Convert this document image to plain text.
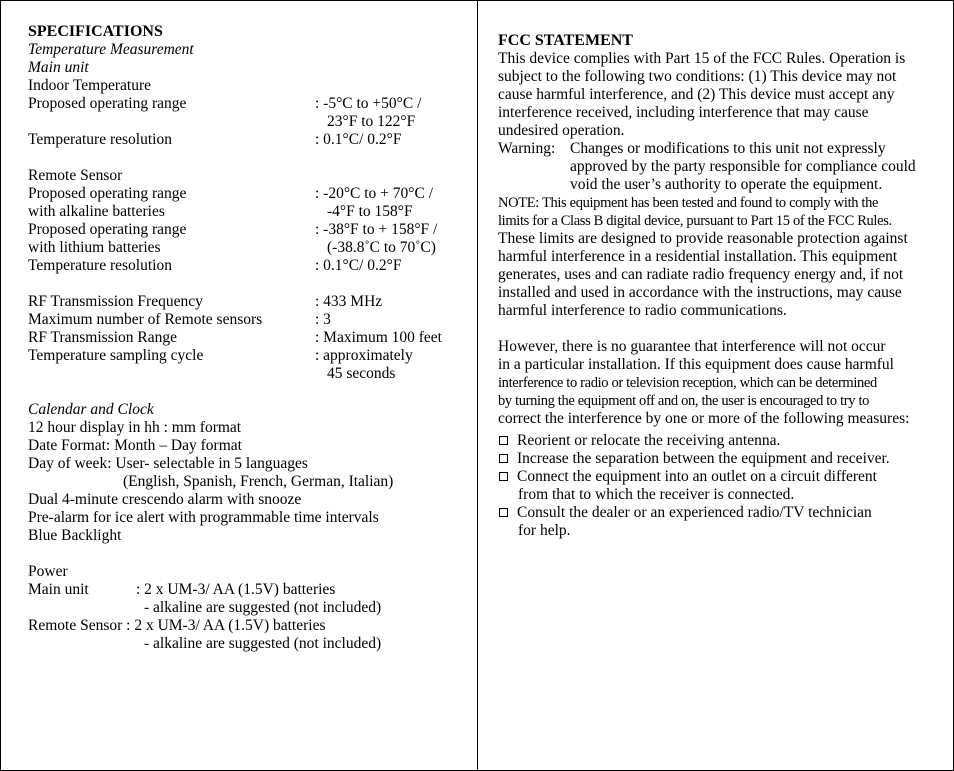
SPECIFICATIONS
Temperature Measurement
Main unit
Indoor Temperature
Proposed operating range	: -5°C to +50°C /
23°F to 122°F
Temperature resolution	: 0.1°C/ 0.2°F
Remote Sensor
Proposed operating range	: -20°C to + 70°C /
with alkaline batteries	-4°F to 158°F
Proposed operating range	: -38°F to + 158°F /
with lithium batteries	(-38.8˚C to 70˚C)
Temperature resolution	: 0.1°C/ 0.2°F
RF Transmission Frequency	: 433 MHz
Maximum number of Remote sensors	: 3
RF Transmission Range	: Maximum 100 feet
Temperature sampling cycle	: approximately
45 seconds
Calendar and Clock
12 hour display in hh : mm format
Date Format: Month – Day format
Day of week: User- selectable in 5 languages
(English, Spanish, French, German, Italian)
Dual 4-minute crescendo alarm with snooze
Pre-alarm for ice alert with programmable time intervals
Blue Backlight
Power
Main unit	: 2 x UM-3/ AA (1.5V) batteries
- alkaline are suggested (not included)
Remote Sensor : 2 x UM-3/ AA (1.5V) batteries
- alkaline are suggested (not included)
FCC STATEMENT
This device complies with Part 15 of the FCC Rules. Operation is
subject to the following two conditions: (1) This device may not
cause harmful interference, and (2) This device must accept any
interference received, including interference that may cause
undesired operation.
Warning: Changes or modifications to this unit not expressly
approved by the party responsible for compliance could
void the user’s authority to operate the equipment.
NOTE: This equipment has been tested and found to comply with the
limits for a Class B digital device, pursuant to Part 15 of the FCC Rules.
These limits are designed to provide reasonable protection against
harmful interference in a residential installation. This equipment
generates, uses and can radiate radio frequency energy and, if not
installed and used in accordance with the instructions, may cause
harmful interference to radio communications.
However, there is no guarantee that interference will not occur
in a particular installation. If this equipment does cause harmful
interference to radio or television reception, which can be determined
by turning the equipment off and on, the user is encouraged to try to
correct the interference by one or more of the following measures:
Reorient or relocate the receiving antenna.
Increase the separation between the equipment and receiver.
Connect the equipment into an outlet on a circuit different
from that to which the receiver is connected.
Consult the dealer or an experienced radio/TV technician
for help.
